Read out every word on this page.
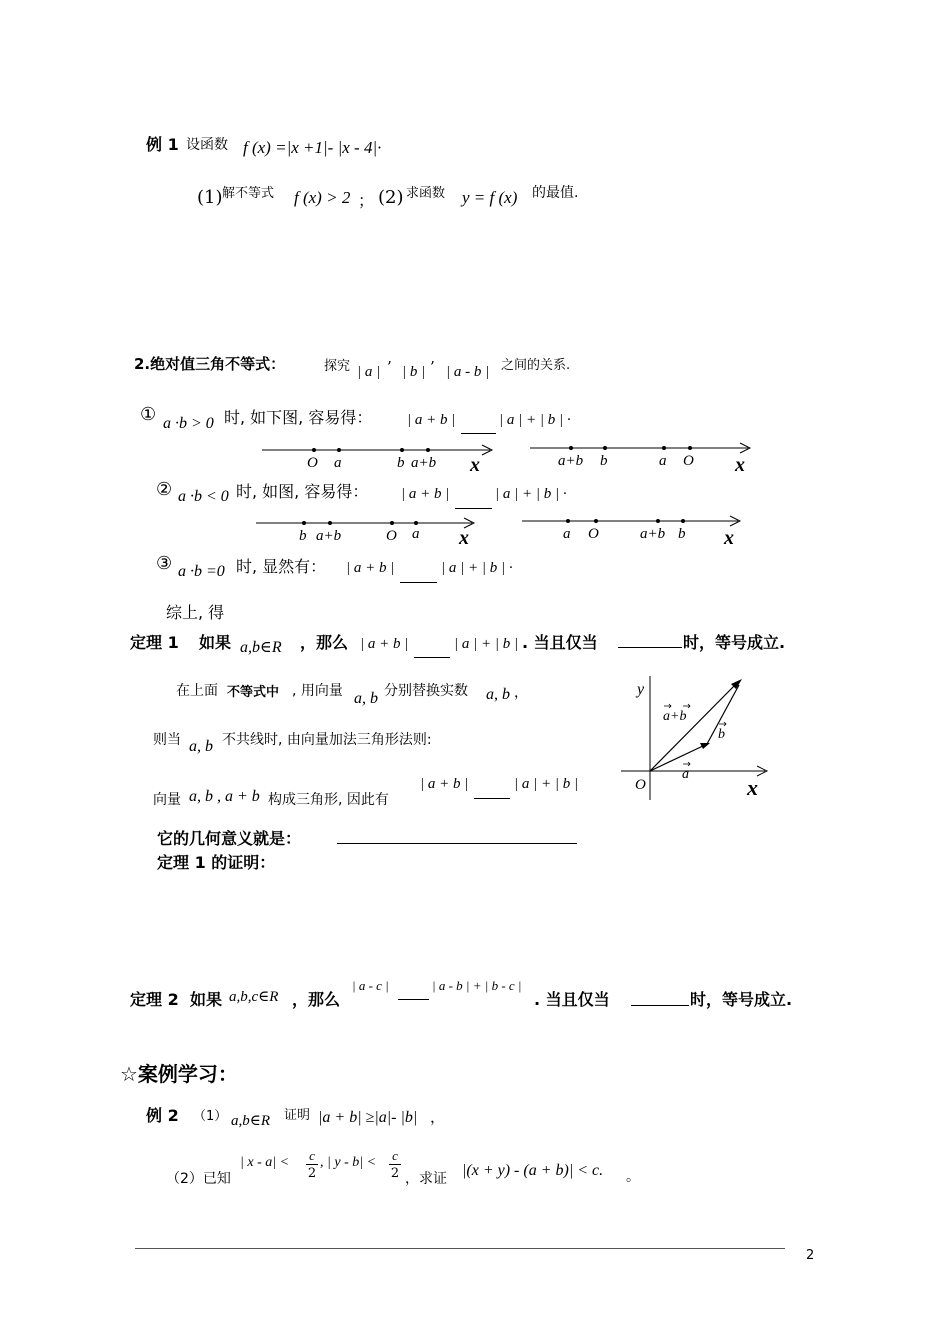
例 1 设函数 f (x) =|x +1|- |x - 4|·
(1) 解不等式 f (x) > 2 ； (2) 求函数 y = f (x) 的最值.
2.绝对值三角不等式：	探究 | a | ’ | b | ’ | a - b | 之间的关系.
① a ·b > 0 时, 如下图, 容易得： | a + b |	| a | + | b | ·
O a	b a+b x	a+b b	a O x
② a ·b < 0 时, 如图, 容易得： | a + b |	| a | + | b | ·
b a+b	O a x	a O	a+b b x
③ a ·b =0 时, 显然有： | a + b |	| a | + | b | ·
综上, 得
定理 1 如果 a,b∈R ，那么 | a + b |	| a | + | b | . 当且仅当	时，等号成立.
在上面 不等式中 , 用向量 a, b 分别替换实数 a, b ，
则当 a, b 不共线时, 由向量加法三角形法则:
向量 a, b , a + b 构成三角形, 因此有
| a + b |	| a | + | b |
y
x
O
a+b
a
b
它的几何意义就是：
定理 1 的证明：
定理 2 如果 a,b,c∈R ，那么
| a - c |	| a - b | + | b - c |
. 当且仅当	时，等号成立.
☆案例学习：
例 2 （1） a,b∈R 证明 |a + b| ≥|a|- |b| ，
（2）已知
| x - a| < c
2
, | y - b| < c
2 ，求证 |(x + y) - (a + b)| < c. 。
2
